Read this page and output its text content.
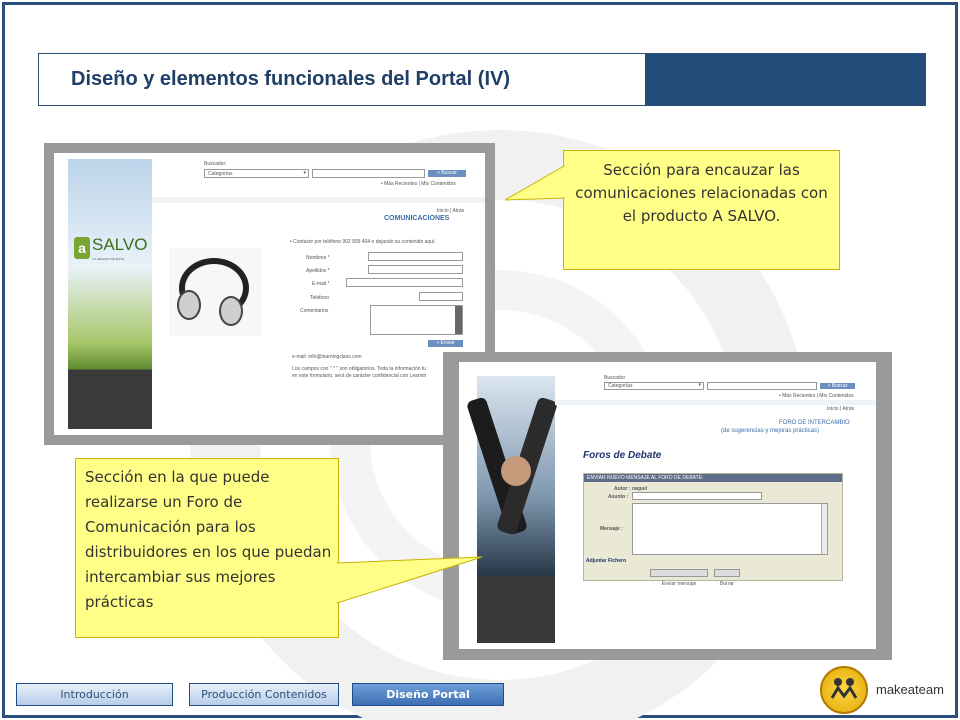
Diseño y elementos funcionales del Portal (IV)
a SALVO
TU SEGURO DE MÓVIL
Buscador:
Categorías	▾	» Buscar
• Más Recientes | Mis Contenidos
Inicio | Atrás
COMUNICACIONES
• Contacte por teléfono 902 909 404 o dejando su contenido aquí.
Nombres *
Apellidos *
E-mail *
Teléfono
Comentarios
» Enviar
e-mail: info@learningclass.com
Los campos con " * " son obligatorios. Toda la información tu
en este formulario, será de carácter confidencial con Learnin	Buscador
Categorías	▾	» Buscar
• Más Recientes | Mis Contenidos
Inicio | Atrás
FORO DE INTERCAMBIO
(de sugerencias y mejoras prácticas)
Foros de Debate
ENVIAR NUEVO MENSAJE AL FORO DE DEBATE:
Autor : raquel
Asunto :
Mensaje :
Adjuntar Fichero
Enviar mensaje	Borrar
Sección para encauzar las comunicaciones relacionadas con el producto A SALVO.
Sección en la que puede realizarse un Foro de Comunicación para los distribuidores en los que puedan intercambiar sus mejores prácticas
Introducción	Producción Contenidos	Diseño Portal	makeateam
